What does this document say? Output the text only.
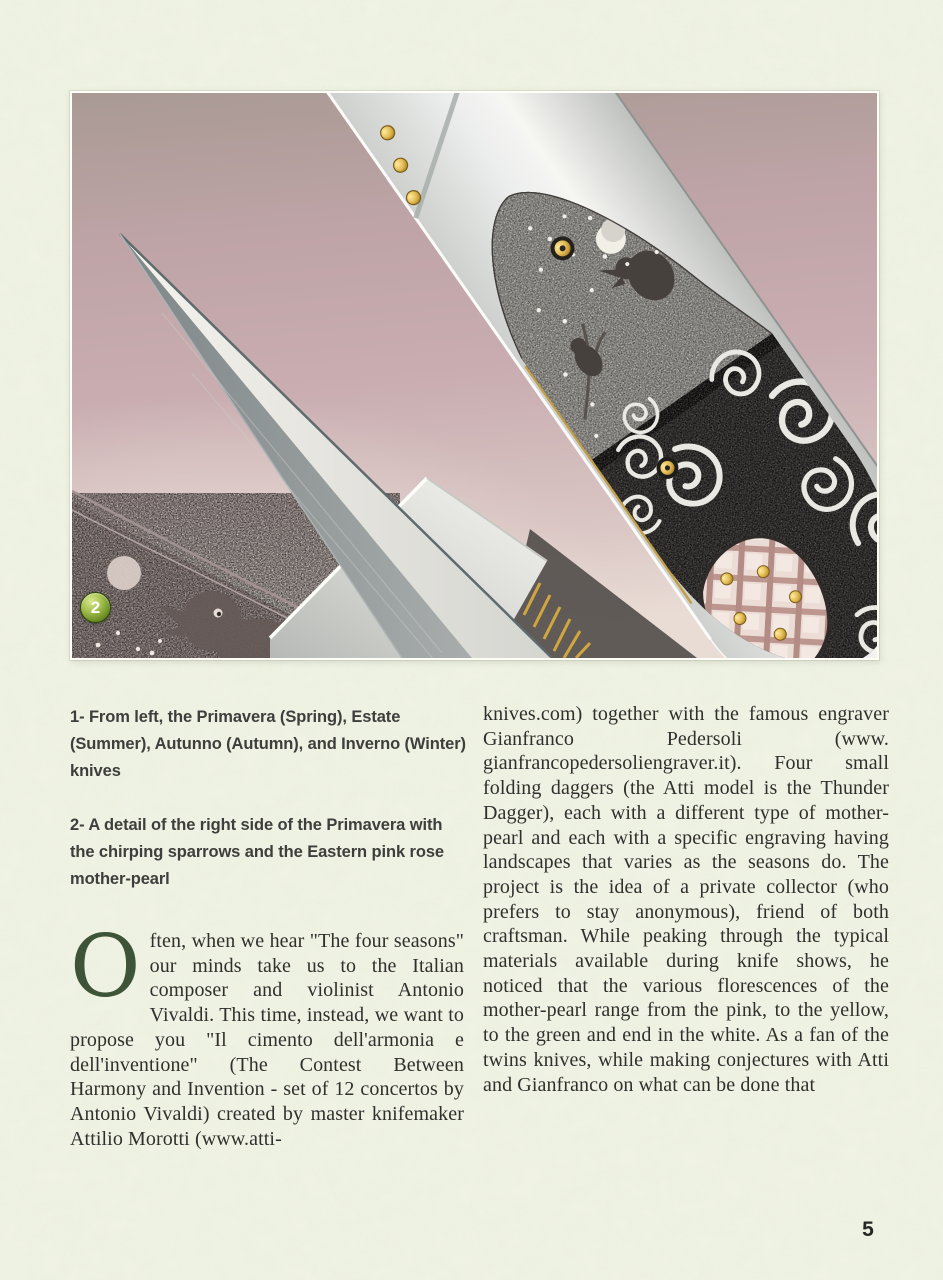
2

1- From left, the Primavera (Spring), Estate (Summer), Autunno (Autumn), and Inverno (Winter) knives

2- A detail of the right side of the Primavera with the chirping sparrows and the Eastern pink rose mother-pearl

Often, when we hear "The four seasons" our minds take us to the Italian composer and violinist Antonio Vivaldi. This time, instead, we want to propose you "Il cimento dell'armonia e dell'inventione" (The Contest Between Harmony and Invention - set of 12 concertos by Antonio Vivaldi) created by master knifemaker Attilio Morotti (www.atti-
knives.com) together with the famous engraver Gianfranco Pedersoli (www. gianfrancopedersoliengraver.it). Four small folding daggers (the Atti model is the Thunder Dagger), each with a different type of mother-pearl and each with a specific engraving having landscapes that varies as the seasons do. The project is the idea of a private collector (who prefers to stay anonymous), friend of both craftsman. While peaking through the typical materials available during knife shows, he noticed that the various florescences of the mother-pearl range from the pink, to the yellow, to the green and end in the white. As a fan of the twins knives, while making conjectures with Atti and Gianfranco on what can be done that
5
